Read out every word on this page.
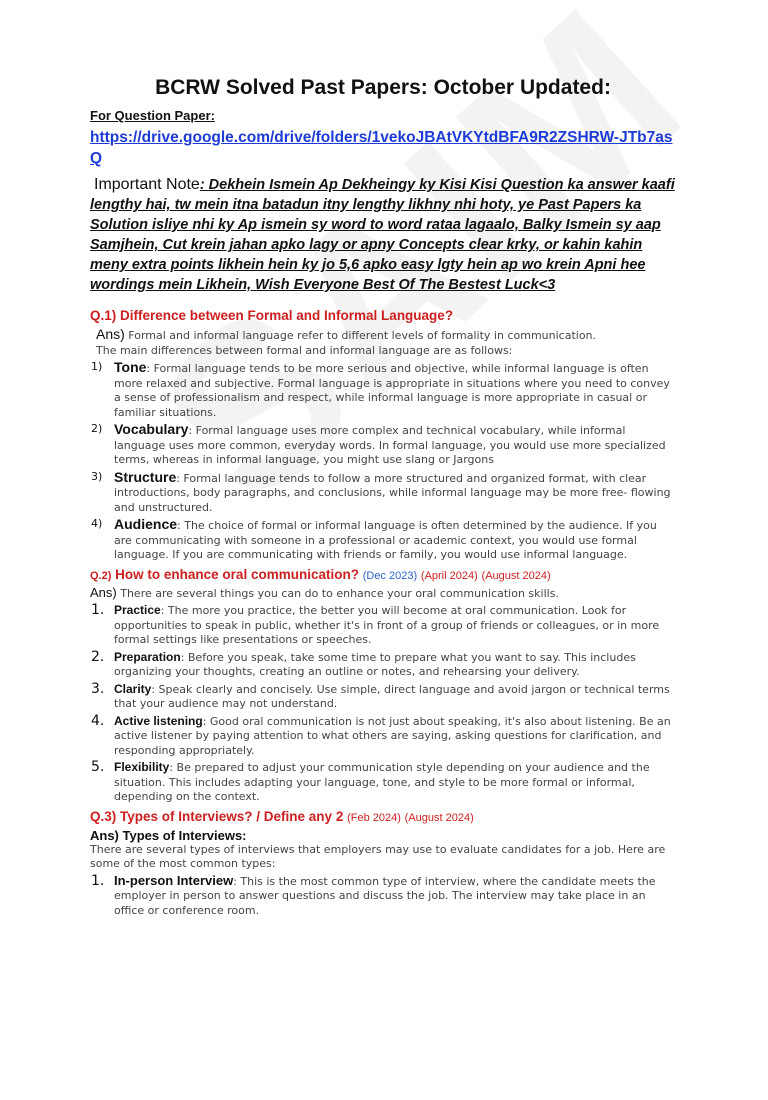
BCRW Solved Past Papers: October Updated:
For Question Paper:
https://drive.google.com/drive/folders/1vekoJBAtVKYtdBFA9R2ZSHRW-JTb7asQ
Important Note: Dekhein Ismein Ap Dekheingy ky Kisi Kisi Question ka answer kaafi lengthy hai, tw mein itna batadun itny lengthy likhny nhi hoty, ye Past Papers ka Solution isliye nhi ky Ap ismein sy word to word rataa lagaalo, Balky Ismein sy aap Samjhein, Cut krein jahan apko lagy or apny Concepts clear krky, or kahin kahin meny extra points likhein hein ky jo 5,6 apko easy lgty hein ap wo krein Apni hee wordings mein Likhein, Wish Everyone Best Of The Bestest Luck<3
Q.1) Difference between Formal and Informal Language?
Ans) Formal and informal language refer to different levels of formality in communication.
The main differences between formal and informal language are as follows:
1) Tone: Formal language tends to be more serious and objective, while informal language is often more relaxed and subjective. Formal language is appropriate in situations where you need to convey a sense of professionalism and respect, while informal language is more appropriate in casual or familiar situations.
2) Vocabulary: Formal language uses more complex and technical vocabulary, while informal language uses more common, everyday words. In formal language, you would use more specialized terms, whereas in informal language, you might use slang or Jargons
3) Structure: Formal language tends to follow a more structured and organized format, with clear introductions, body paragraphs, and conclusions, while informal language may be more free- flowing and unstructured.
4) Audience: The choice of formal or informal language is often determined by the audience. If you are communicating with someone in a professional or academic context, you would use formal language. If you are communicating with friends or family, you would use informal language.
Q.2) How to enhance oral communication? (Dec 2023) (April 2024) (August 2024)
Ans) There are several things you can do to enhance your oral communication skills.
1. Practice: The more you practice, the better you will become at oral communication. Look for opportunities to speak in public, whether it's in front of a group of friends or colleagues, or in more formal settings like presentations or speeches.
2. Preparation: Before you speak, take some time to prepare what you want to say. This includes organizing your thoughts, creating an outline or notes, and rehearsing your delivery.
3. Clarity: Speak clearly and concisely. Use simple, direct language and avoid jargon or technical terms that your audience may not understand.
4. Active listening: Good oral communication is not just about speaking, it's also about listening. Be an active listener by paying attention to what others are saying, asking questions for clarification, and responding appropriately.
5. Flexibility: Be prepared to adjust your communication style depending on your audience and the situation. This includes adapting your language, tone, and style to be more formal or informal, depending on the context.
Q.3) Types of Interviews? / Define any 2 (Feb 2024) (August 2024)
Ans) Types of Interviews:
There are several types of interviews that employers may use to evaluate candidates for a job. Here are some of the most common types:
1. In-person Interview: This is the most common type of interview, where the candidate meets the employer in person to answer questions and discuss the job. The interview may take place in an office or conference room.
